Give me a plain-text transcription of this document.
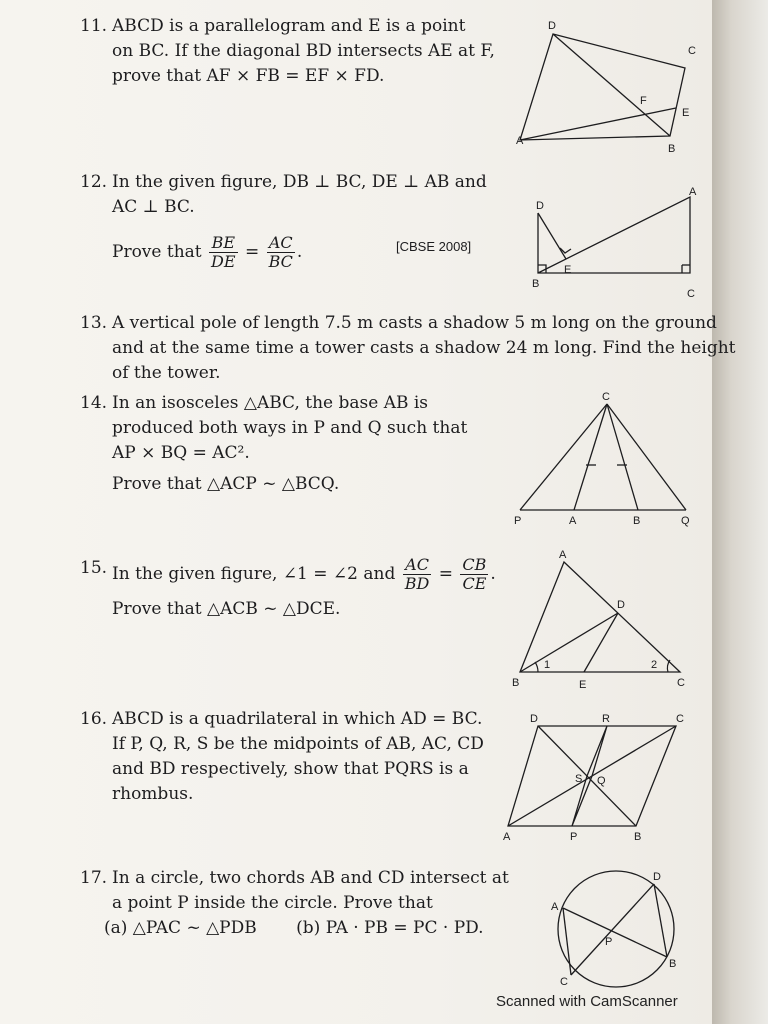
11. ABCD is a parallelogram and E is a point
on BC. If the diagonal BD intersects AE at F,
prove that AF × FB = EF × FD.
D
C
F
E
A
B
12. In the given figure, DB ⊥ BC, DE ⊥ AB and
AC ⊥ BC.
Prove that $\frac{BE}{DE} = \frac{AC}{BC}$ .	[CBSE 2008]
D
A
E
B
C
13. A vertical pole of length 7.5 m casts a shadow 5 m long on the ground
and at the same time a tower casts a shadow 24 m long. Find the height
of the tower.
14. In an isosceles △ABC, the base AB is
produced both ways in P and Q such that
AP × BQ = AC².
Prove that △ACP ~ △BCQ.
C
P	A	B	Q
15. In the given figure, ∠1 = ∠2 and $\frac{AC}{BD} = \frac{CB}{CE}$ .
Prove that △ACB ~ △DCE.
A
D
1	2
B	E	C
16. ABCD is a quadrilateral in which AD = BC.
If P, Q, R, S be the midpoints of AB, AC, CD
and BD respectively, show that PQRS is a
rhombus.
D	R	C
S Q
A	P	B
17. In a circle, two chords AB and CD intersect at
a point P inside the circle. Prove that
(a) △PAC ~ △PDB (b) PA · PB = PC · PD.
D
A
P
B
C
Scanned with CamScanner
